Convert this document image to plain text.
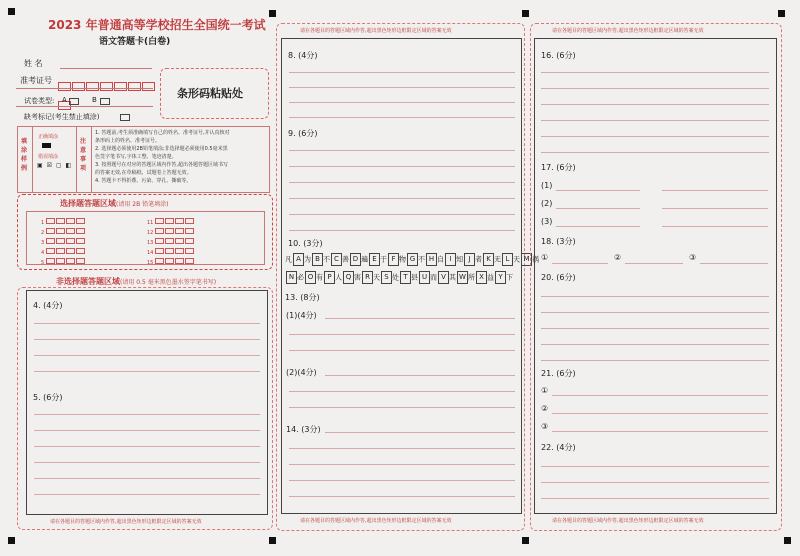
2023 年普通高等学校招生全国统一考试
语文答题卡(白卷)
姓 名
准考证号
试卷类型: A	B
缺考标记(考生禁止填涂)
条形码粘贴处
填涂样例
正确填涂
错误填涂
▣ ☒ ▢ ◧
注意事项
1. 答题前,考生须准确填写自己的姓名、准考证号,并认真核对
条形码上的姓名、准考证号。
2. 选择题必须使用2B铅笔填涂;非选择题必须使用0.5毫米黑
色签字笔书写,字体工整、笔迹清楚。
3. 按照题号在对应的答题区域内作答,超出各题答题区域书写
的答案无效,在草稿纸、试题卷上答题无效。
4. 答题卡不得折叠、污染、穿孔、撕破等。
选择题答题区域(请用 2B 铅笔填涂)
1
2
3
4
5
11
12
13
14
15
非选择题答题区域(请用 0.5 毫米黑色墨水签字笔书写)
4. (4分)
5. (6分)
请在各题目的答题区域内作答,超出黑色矩形边框限定区域的答案无效
请在各题目的答题区域内作答,超出黑色矩形边框限定区域的答案无效
8. (4分)
9. (6分)
10. (3分)
凡 A 为 B 不 C 善 D 遍 E 于 F 物 G 不 H 自 I 知 J 者 K 无 L 天 M 祸
N 必 O 有 P 人 Q 害 R 天 S 处 T 县 U 而 V 其 W 所 X 益 Y 下
13. (8分)
(1)(4分)
(2)(4分)
14. (3分)
请在各题目的答题区域内作答,超出黑色矩形边框限定区域的答案无效
请在各题目的答题区域内作答,超出黑色矩形边框限定区域的答案无效
16. (6分)
17. (6分)
(1)
(2)
(3)
18. (3分)
①	②	③
20. (6分)
21. (6分)
①
②
③
22. (4分)
请在各题目的答题区域内作答,超出黑色矩形边框限定区域的答案无效
